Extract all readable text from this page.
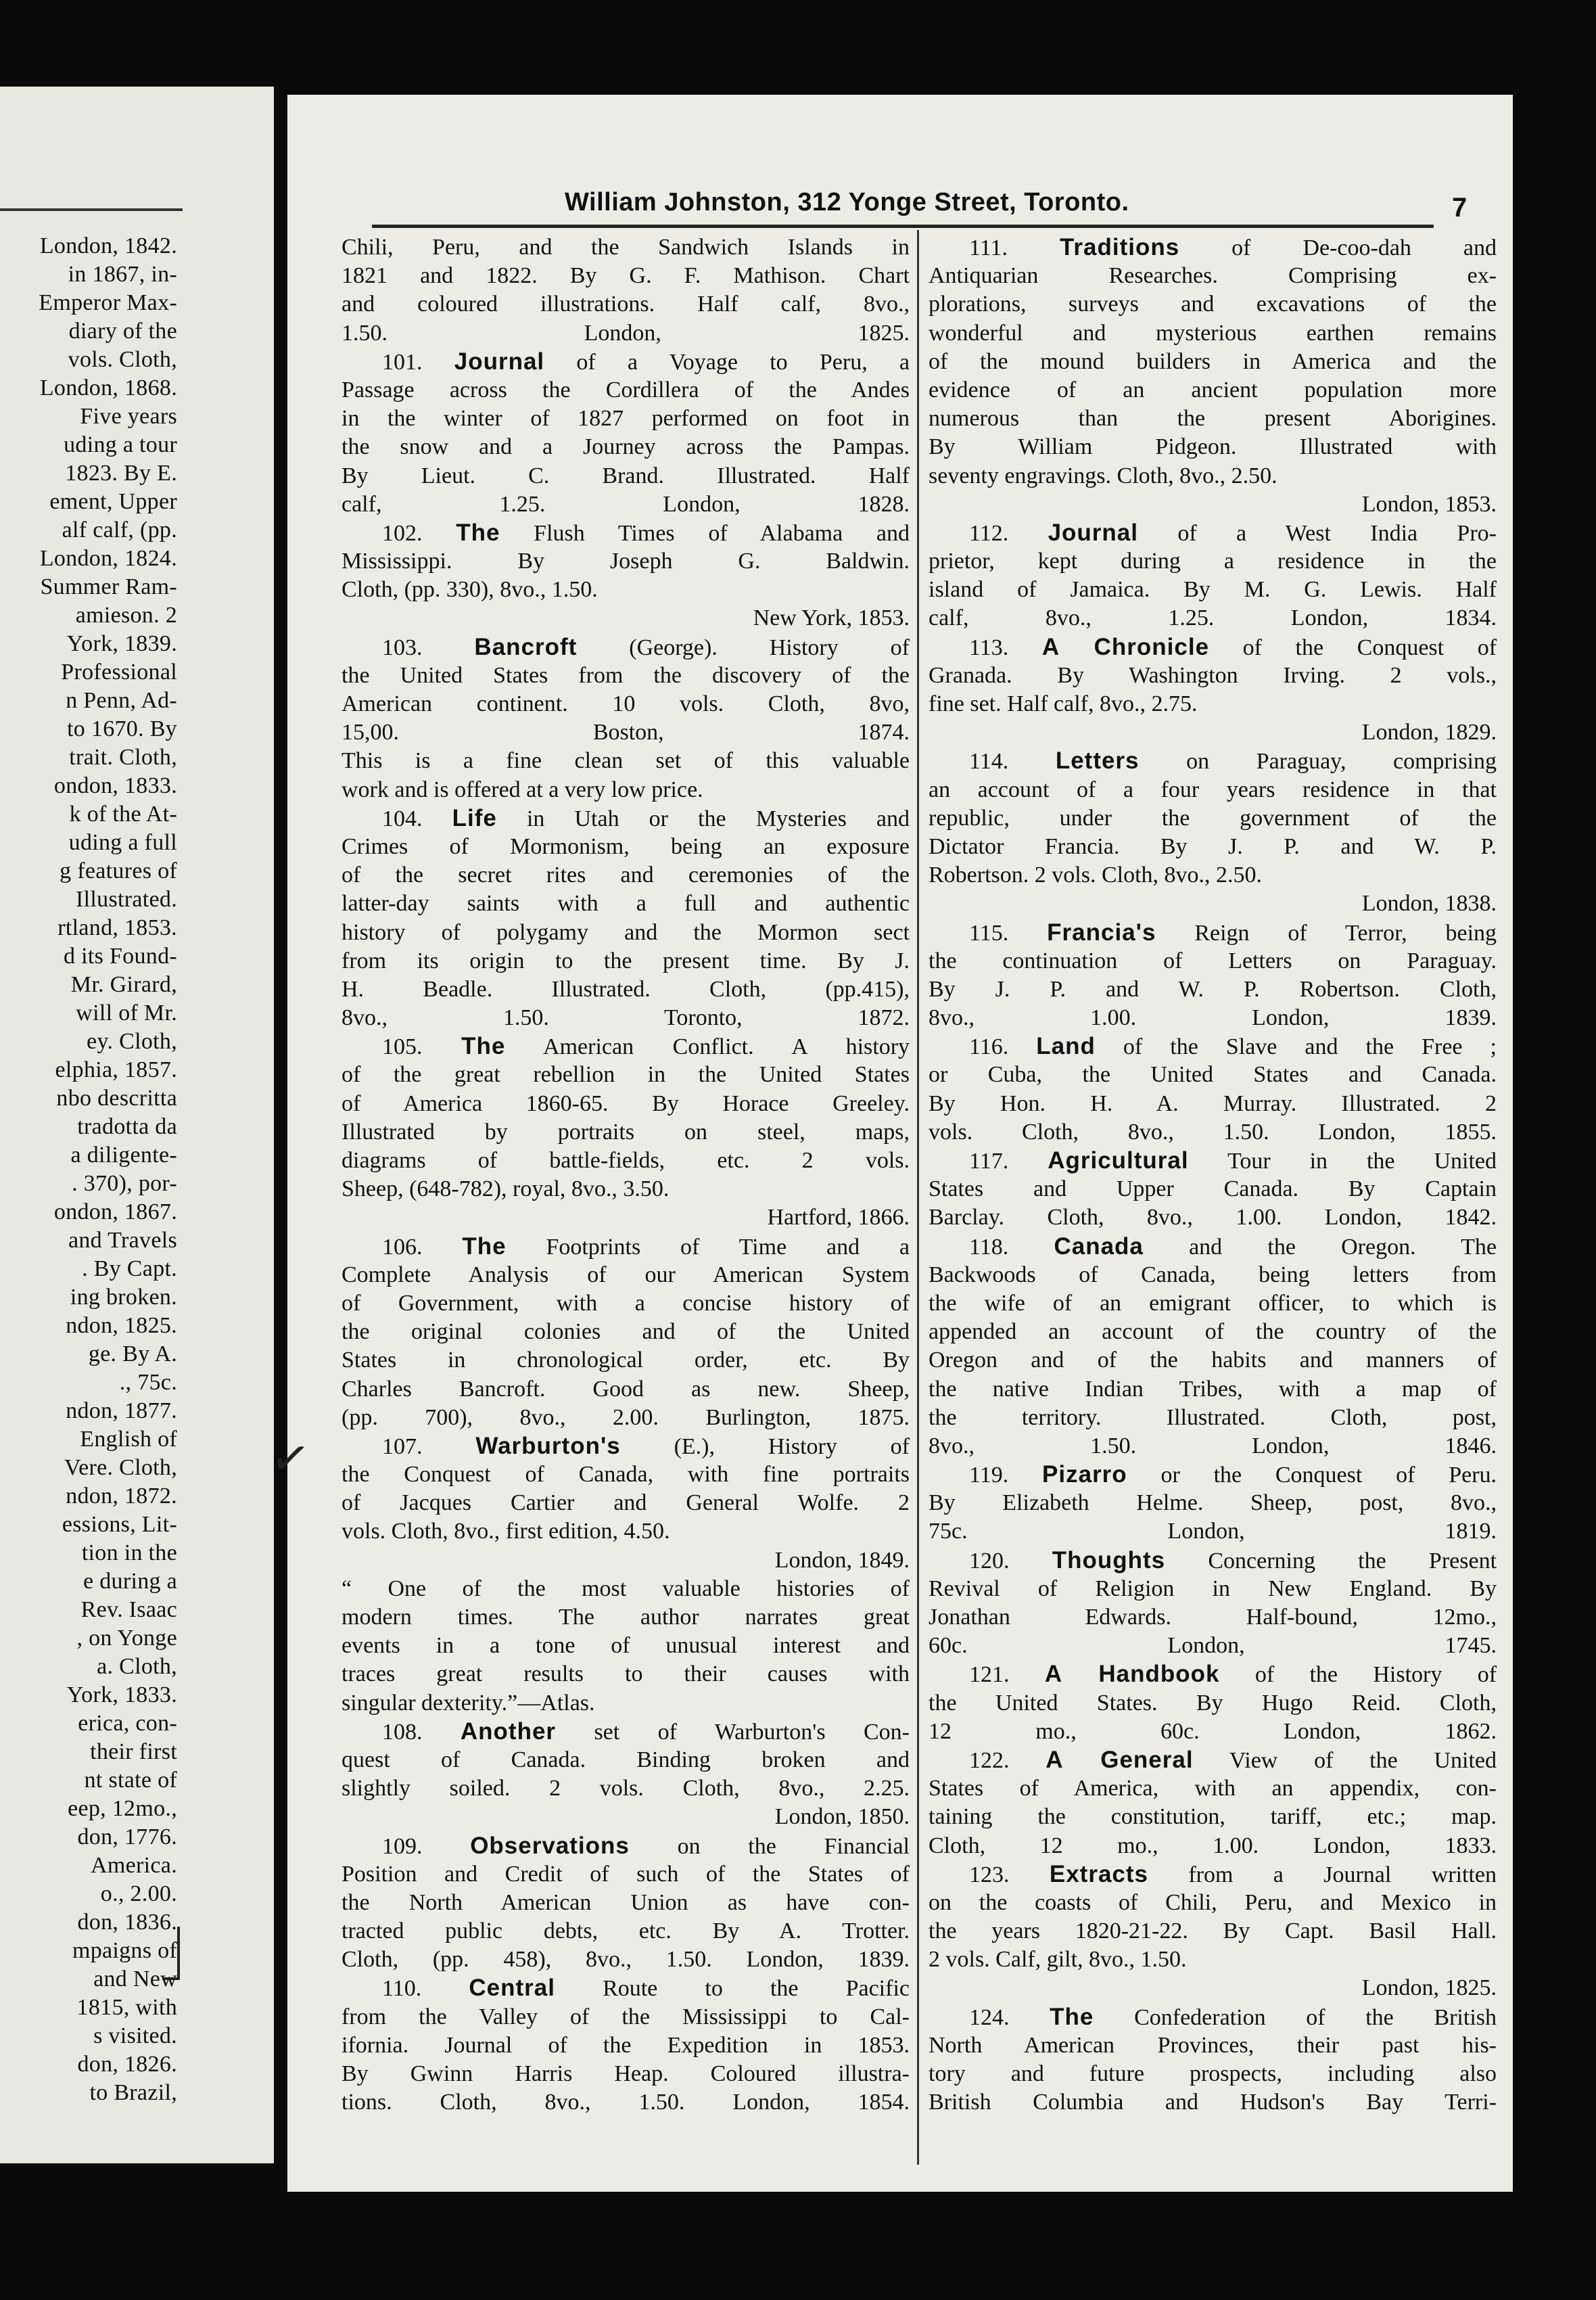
London, 1842.
in 1867, in-
Emperor Max-
diary of the
vols. Cloth,
London, 1868.
Five years
uding a tour
1823. By E.
ement, Upper
alf calf, (pp.
London, 1824.
Summer Ram-
amieson. 2
York, 1839.
Professional
n Penn, Ad-
to 1670. By
trait. Cloth,
ondon, 1833.
k of the At-
uding a full
g features of
Illustrated.
rtland, 1853.
d its Found-
Mr. Girard,
will of Mr.
ey. Cloth,
elphia, 1857.
nbo descritta
tradotta da
a diligente-
. 370), por-
ondon, 1867.
and Travels
. By Capt.
ing broken.
ndon, 1825.
ge. By A.
., 75c.
ndon, 1877.
English of
Vere. Cloth,
ndon, 1872.
essions, Lit-
tion in the
e during a
Rev. Isaac
, on Yonge
a. Cloth,
York, 1833.
erica, con-
their first
nt state of
eep, 12mo.,
don, 1776.
America.
o., 2.00.
don, 1836.
mpaigns of
and New
1815, with
s visited.
don, 1826.
to Brazil,
William Johnston, 312 Yonge Street, Toronto.	7
Chili, Peru, and the Sandwich Islands in
1821 and 1822. By G. F. Mathison. Chart
and coloured illustrations. Half calf, 8vo.,
1.50.	London, 1825.
101. Journal of a Voyage to Peru, a
Passage across the Cordillera of the Andes
in the winter of 1827 performed on foot in
the snow and a Journey across the Pampas.
By Lieut. C. Brand. Illustrated. Half
calf, 1.25.	London, 1828.
102. The Flush Times of Alabama and
Mississippi. By Joseph G. Baldwin.
Cloth, (pp. 330), 8vo., 1.50.
New York, 1853.
103. Bancroft (George). History of
the United States from the discovery of the
American continent. 10 vols. Cloth, 8vo,
15,00.	Boston, 1874.
This is a fine clean set of this valuable
work and is offered at a very low price.
104. Life in Utah or the Mysteries and
Crimes of Mormonism, being an exposure
of the secret rites and ceremonies of the
latter-day saints with a full and authentic
history of polygamy and the Mormon sect
from its origin to the present time. By J.
H. Beadle. Illustrated. Cloth, (pp.415),
8vo., 1.50.	Toronto, 1872.
105. The American Conflict. A history
of the great rebellion in the United States
of America 1860-65. By Horace Greeley.
Illustrated by portraits on steel, maps,
diagrams of battle-fields, etc. 2 vols.
Sheep, (648-782), royal, 8vo., 3.50.
Hartford, 1866.
106. The Footprints of Time and a
Complete Analysis of our American System
of Government, with a concise history of
the original colonies and of the United
States in chronological order, etc. By
Charles Bancroft. Good as new. Sheep,
(pp. 700), 8vo., 2.00. Burlington, 1875.
107. Warburton's (E.), History of
the Conquest of Canada, with fine portraits
of Jacques Cartier and General Wolfe. 2
vols. Cloth, 8vo., first edition, 4.50.
London, 1849.
“ One of the most valuable histories of
modern times. The author narrates great
events in a tone of unusual interest and
traces great results to their causes with
singular dexterity.”—Atlas.
108. Another set of Warburton's Con-
quest of Canada. Binding broken and
slightly soiled. 2 vols. Cloth, 8vo., 2.25.
London, 1850.
109. Observations on the Financial
Position and Credit of such of the States of
the North American Union as have con-
tracted public debts, etc. By A. Trotter.
Cloth, (pp. 458), 8vo., 1.50. London, 1839.
110. Central Route to the Pacific
from the Valley of the Mississippi to Cal-
ifornia. Journal of the Expedition in 1853.
By Gwinn Harris Heap. Coloured illustra-
tions. Cloth, 8vo., 1.50. London, 1854.
111. Traditions of De-coo-dah and
Antiquarian Researches. Comprising ex-
plorations, surveys and excavations of the
wonderful and mysterious earthen remains
of the mound builders in America and the
evidence of an ancient population more
numerous than the present Aborigines.
By William Pidgeon. Illustrated with
seventy engravings. Cloth, 8vo., 2.50.
London, 1853.
112. Journal of a West India Pro-
prietor, kept during a residence in the
island of Jamaica. By M. G. Lewis. Half
calf, 8vo., 1.25.	London, 1834.
113. A Chronicle of the Conquest of
Granada. By Washington Irving. 2 vols.,
fine set. Half calf, 8vo., 2.75.
London, 1829.
114. Letters on Paraguay, comprising
an account of a four years residence in that
republic, under the government of the
Dictator Francia. By J. P. and W. P.
Robertson. 2 vols. Cloth, 8vo., 2.50.
London, 1838.
115. Francia's Reign of Terror, being
the continuation of Letters on Paraguay.
By J. P. and W. P. Robertson. Cloth,
8vo., 1.00.	London, 1839.
116. Land of the Slave and the Free ;
or Cuba, the United States and Canada.
By Hon. H. A. Murray. Illustrated. 2
vols. Cloth, 8vo., 1.50. London, 1855.
117. Agricultural Tour in the United
States and Upper Canada. By Captain
Barclay. Cloth, 8vo., 1.00. London, 1842.
118. Canada and the Oregon. The
Backwoods of Canada, being letters from
the wife of an emigrant officer, to which is
appended an account of the country of the
Oregon and of the habits and manners of
the native Indian Tribes, with a map of
the territory. Illustrated. Cloth, post,
8vo., 1.50.	London, 1846.
119. Pizarro or the Conquest of Peru.
By Elizabeth Helme. Sheep, post, 8vo.,
75c.	London, 1819.
120. Thoughts Concerning the Present
Revival of Religion in New England. By
Jonathan Edwards. Half-bound, 12mo.,
60c.	London, 1745.
121. A Handbook of the History of
the United States. By Hugo Reid. Cloth,
12 mo., 60c.	London, 1862.
122. A General View of the United
States of America, with an appendix, con-
taining the constitution, tariff, etc.; map.
Cloth, 12 mo., 1.00. London, 1833.
123. Extracts from a Journal written
on the coasts of Chili, Peru, and Mexico in
the years 1820-21-22. By Capt. Basil Hall.
2 vols. Calf, gilt, 8vo., 1.50.
London, 1825.
124. The Confederation of the British
North American Provinces, their past his-
tory and future prospects, including also
British Columbia and Hudson's Bay Terri-
✓
